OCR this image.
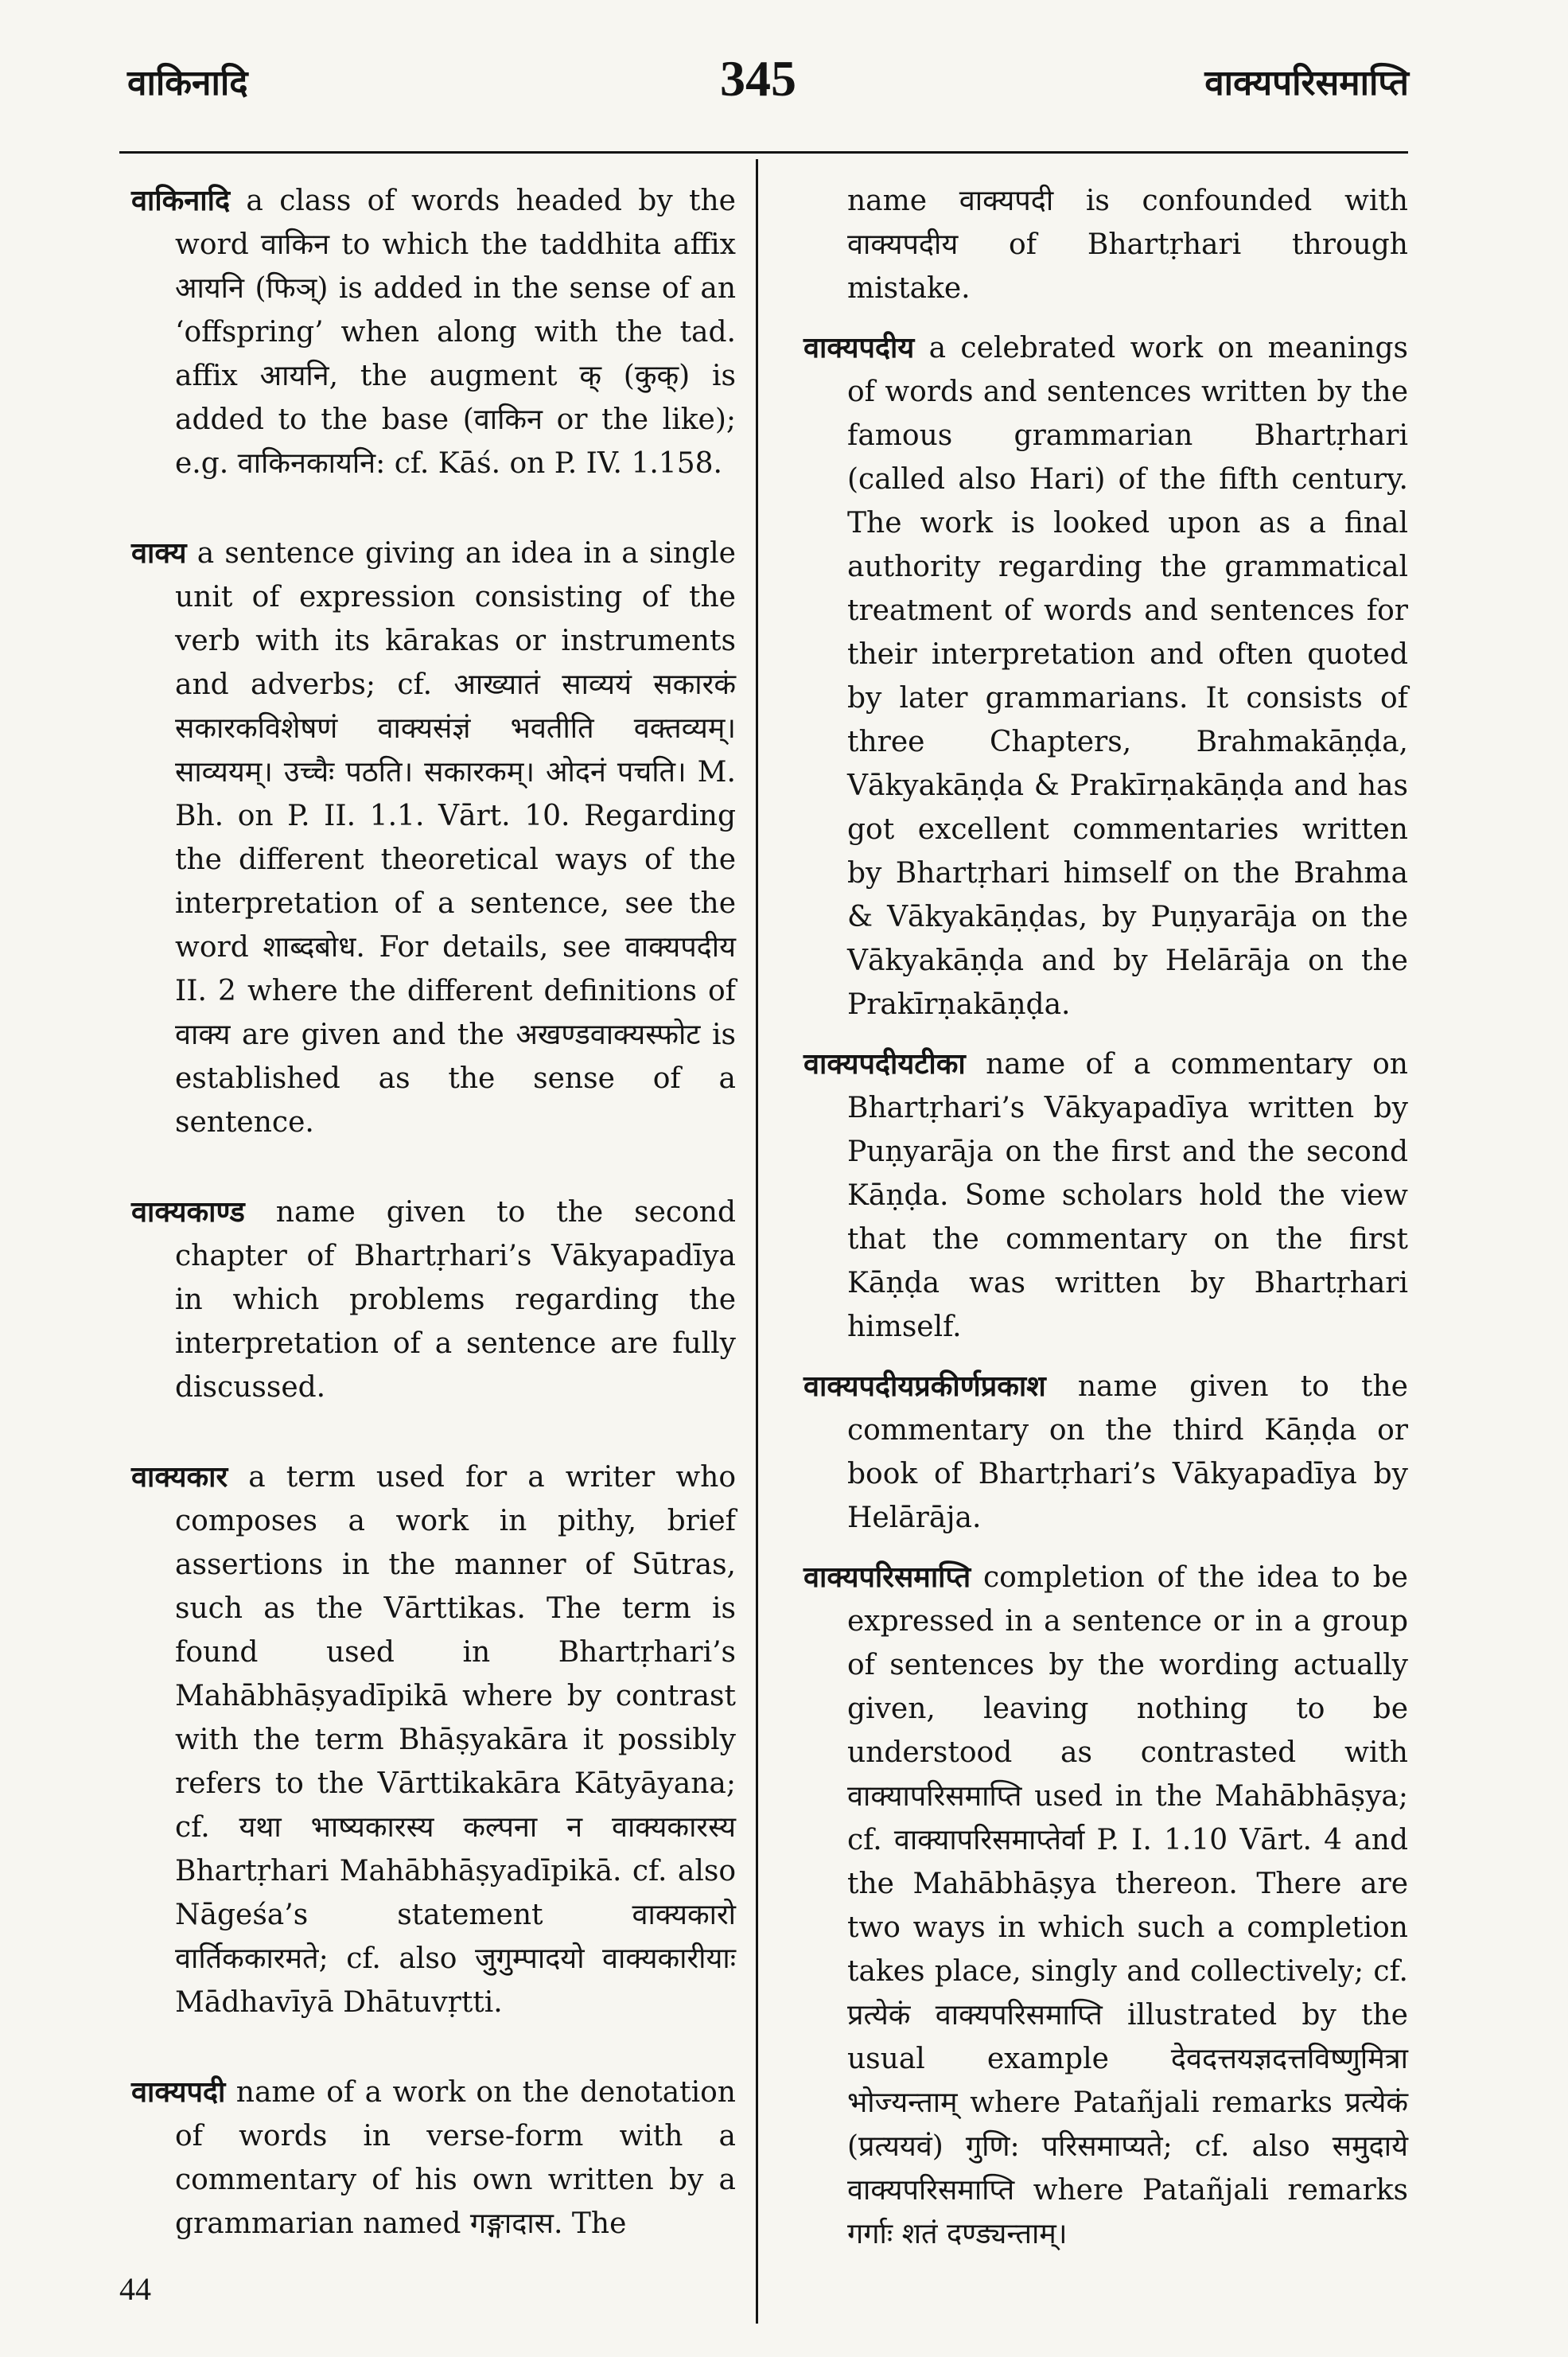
वाकिनादि	345	वाक्यपरिसमाप्ति

वाकिनादि a class of words headed by the word वाकिन to which the taddhita affix आयनि (फिञ्) is added in the sense of an ‘offspring’ when along with the tad. affix आयनि, the augment क् (कुक्) is added to the base (वाकिन or the like); e.g. वाकिनकायनि: cf. Kāś. on P. IV. 1.158.

वाक्य a sentence giving an idea in a single unit of expression consisting of the verb with its kārakas or instruments and adverbs; cf. आख्यातं साव्ययं सकारकं सकारकविशेषणं वाक्यसंज्ञं भवतीति वक्तव्यम्। साव्ययम्। उच्चैः पठति। सकारकम्। ओदनं पचति। M. Bh. on P. II. 1.1. Vārt. 10. Regarding the different theoretical ways of the interpretation of a sentence, see the word शाब्दबोध. For details, see वाक्यपदीय II. 2 where the different definitions of वाक्य are given and the अखण्डवाक्यस्फोट is established as the sense of a sentence.

वाक्यकाण्ड name given to the second chapter of Bhartṛhari’s Vākyapadīya in which problems regarding the interpretation of a sentence are fully discussed.

वाक्यकार a term used for a writer who composes a work in pithy, brief assertions in the manner of Sūtras, such as the Vārttikas. The term is found used in Bhartṛhari’s Mahābhāṣyadīpikā where by contrast with the term Bhāṣyakāra it possibly refers to the Vārttikakāra Kātyāyana; cf. यथा भाष्यकारस्य कल्पना न वाक्यकारस्य Bhartṛhari Mahābhāṣyadīpikā. cf. also Nāgeśa’s statement वाक्यकारो वार्तिककारमते; cf. also जुगुम्पादयो वाक्यकारीयाः Mādhavīyā Dhātuvṛtti.

वाक्यपदी name of a work on the denotation of words in verse-form with a commentary of his own written by a grammarian named गङ्गादास. The

name वाक्यपदी is confounded with वाक्यपदीय of Bhartṛhari through mistake.

वाक्यपदीय a celebrated work on meanings of words and sentences written by the famous grammarian Bhartṛhari (called also Hari) of the fifth century. The work is looked upon as a final authority regarding the grammatical treatment of words and sentences for their interpretation and often quoted by later grammarians. It consists of three Chapters, Brahmakāṇḍa, Vākyakāṇḍa & Prakīrṇakāṇḍa and has got excellent commentaries written by Bhartṛhari himself on the Brahma & Vākyakāṇḍas, by Puṇyarāja on the Vākyakāṇḍa and by Helārāja on the Prakīrṇakāṇḍa.

वाक्यपदीयटीका name of a commentary on Bhartṛhari’s Vākyapadīya written by Puṇyarāja on the first and the second Kāṇḍa. Some scholars hold the view that the commentary on the first Kāṇḍa was written by Bhartṛhari himself.

वाक्यपदीयप्रकीर्णप्रकाश name given to the commentary on the third Kāṇḍa or book of Bhartṛhari’s Vākyapadīya by Helārāja.

वाक्यपरिसमाप्ति completion of the idea to be expressed in a sentence or in a group of sentences by the wording actually given, leaving nothing to be understood as contrasted with वाक्यापरिसमाप्ति used in the Mahābhāṣya; cf. वाक्यापरिसमाप्तेर्वा P. I. 1.10 Vārt. 4 and the Mahābhāṣya thereon. There are two ways in which such a completion takes place, singly and collectively; cf. प्रत्येकं वाक्यपरिसमाप्ति illustrated by the usual example देवदत्तयज्ञदत्तविष्णुमित्रा भोज्यन्ताम् where Patañjali remarks प्रत्येकं (प्रत्ययवं) गुणि: परिसमाप्यते; cf. also समुदाये वाक्यपरिसमाप्ति where Patañjali remarks गर्गाः शतं दण्ड्यन्ताम्।

44
